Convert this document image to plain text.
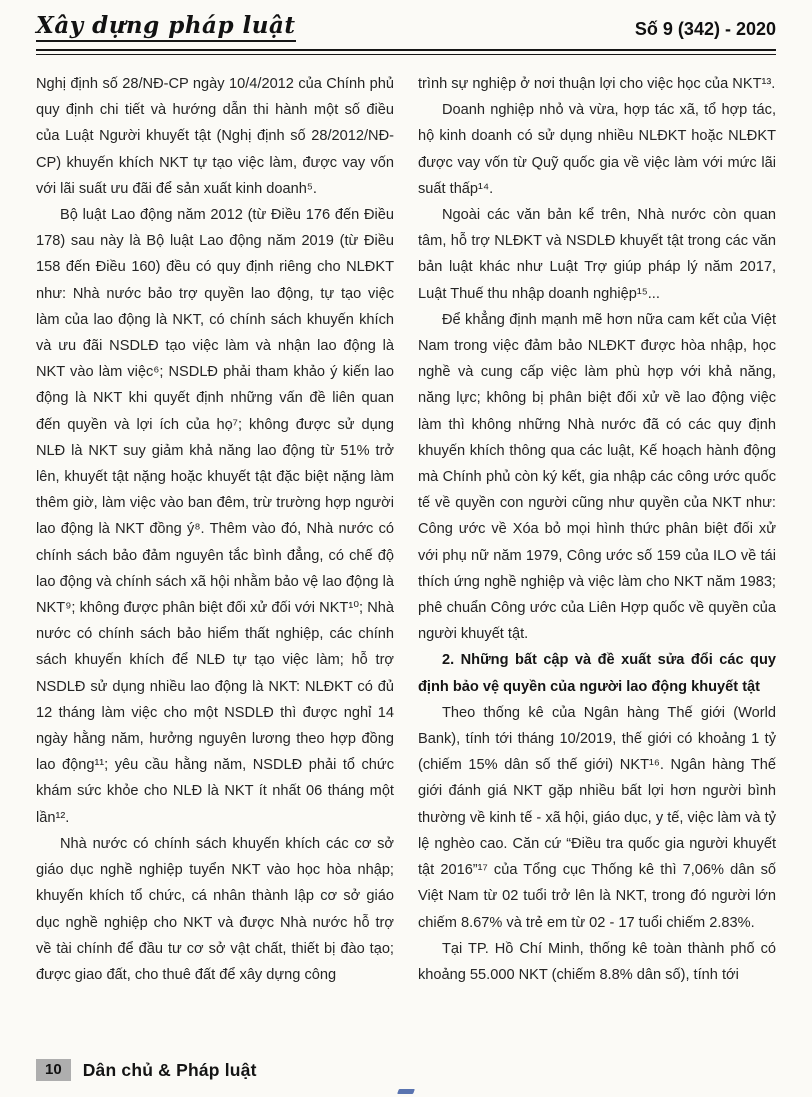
Xây dựng pháp luật	Số 9 (342) - 2020

Nghị định số 28/NĐ-CP ngày 10/4/2012 của Chính phủ quy định chi tiết và hướng dẫn thi hành một số điều của Luật Người khuyết tật (Nghị định số 28/2012/NĐ-CP) khuyến khích NKT tự tạo việc làm, được vay vốn với lãi suất ưu đãi để sản xuất kinh doanh⁵.

Bộ luật Lao động năm 2012 (từ Điều 176 đến Điều 178) sau này là Bộ luật Lao động năm 2019 (từ Điều 158 đến Điều 160) đều có quy định riêng cho NLĐKT như: Nhà nước bảo trợ quyền lao động, tự tạo việc làm của lao động là NKT, có chính sách khuyến khích và ưu đãi NSDLĐ tạo việc làm và nhận lao động là NKT vào làm việc⁶; NSDLĐ phải tham khảo ý kiến lao động là NKT khi quyết định những vấn đề liên quan đến quyền và lợi ích của họ⁷; không được sử dụng NLĐ là NKT suy giảm khả năng lao động từ 51% trở lên, khuyết tật nặng hoặc khuyết tật đặc biệt nặng làm thêm giờ, làm việc vào ban đêm, trừ trường hợp người lao động là NKT đồng ý⁸. Thêm vào đó, Nhà nước có chính sách bảo đảm nguyên tắc bình đẳng, có chế độ lao động và chính sách xã hội nhằm bảo vệ lao động là NKT⁹; không được phân biệt đối xử đối với NKT¹⁰; Nhà nước có chính sách bảo hiểm thất nghiệp, các chính sách khuyến khích để NLĐ tự tạo việc làm; hỗ trợ NSDLĐ sử dụng nhiều lao động là NKT: NLĐKT có đủ 12 tháng làm việc cho một NSDLĐ thì được nghỉ 14 ngày hằng năm, hưởng nguyên lương theo hợp đồng lao động¹¹; yêu cầu hằng năm, NSDLĐ phải tổ chức khám sức khỏe cho NLĐ là NKT ít nhất 06 tháng một lần¹².

Nhà nước có chính sách khuyến khích các cơ sở giáo dục nghề nghiệp tuyển NKT vào học hòa nhập; khuyến khích tổ chức, cá nhân thành lập cơ sở giáo dục nghề nghiệp cho NKT và được Nhà nước hỗ trợ về tài chính để đầu tư cơ sở vật chất, thiết bị đào tạo; được giao đất, cho thuê đất để xây dựng công

trình sự nghiệp ở nơi thuận lợi cho việc học của NKT¹³.

Doanh nghiệp nhỏ và vừa, hợp tác xã, tổ hợp tác, hộ kinh doanh có sử dụng nhiều NLĐKT hoặc NLĐKT được vay vốn từ Quỹ quốc gia về việc làm với mức lãi suất thấp¹⁴.

Ngoài các văn bản kể trên, Nhà nước còn quan tâm, hỗ trợ NLĐKT và NSDLĐ khuyết tật trong các văn bản luật khác như Luật Trợ giúp pháp lý năm 2017, Luật Thuế thu nhập doanh nghiệp¹⁵...

Để khẳng định mạnh mẽ hơn nữa cam kết của Việt Nam trong việc đảm bảo NLĐKT được hòa nhập, học nghề và cung cấp việc làm phù hợp với khả năng, năng lực; không bị phân biệt đối xử về lao động việc làm thì không những Nhà nước đã có các quy định khuyến khích thông qua các luật, Kế hoạch hành động mà Chính phủ còn ký kết, gia nhập các công ước quốc tế về quyền con người cũng như quyền của NKT như: Công ước về Xóa bỏ mọi hình thức phân biệt đối xử với phụ nữ năm 1979, Công ước số 159 của ILO về tái thích ứng nghề nghiệp và việc làm cho NKT năm 1983; phê chuẩn Công ước của Liên Hợp quốc về quyền của người khuyết tật.

2. Những bất cập và đề xuất sửa đổi các quy định bảo vệ quyền của người lao động khuyết tật

Theo thống kê của Ngân hàng Thế giới (World Bank), tính tới tháng 10/2019, thế giới có khoảng 1 tỷ (chiếm 15% dân số thế giới) NKT¹⁶. Ngân hàng Thế giới đánh giá NKT gặp nhiều bất lợi hơn người bình thường về kinh tế - xã hội, giáo dục, y tế, việc làm và tỷ lệ nghèo cao. Căn cứ “Điều tra quốc gia người khuyết tật 2016”¹⁷ của Tổng cục Thống kê thì 7,06% dân số Việt Nam từ 02 tuổi trở lên là NKT, trong đó người lớn chiếm 8.67% và trẻ em từ 02 - 17 tuổi chiếm 2.83%.

Tại TP. Hồ Chí Minh, thống kê toàn thành phố có khoảng 55.000 NKT (chiếm 8.8% dân số), tính tới

10	Dân chủ & Pháp luật
